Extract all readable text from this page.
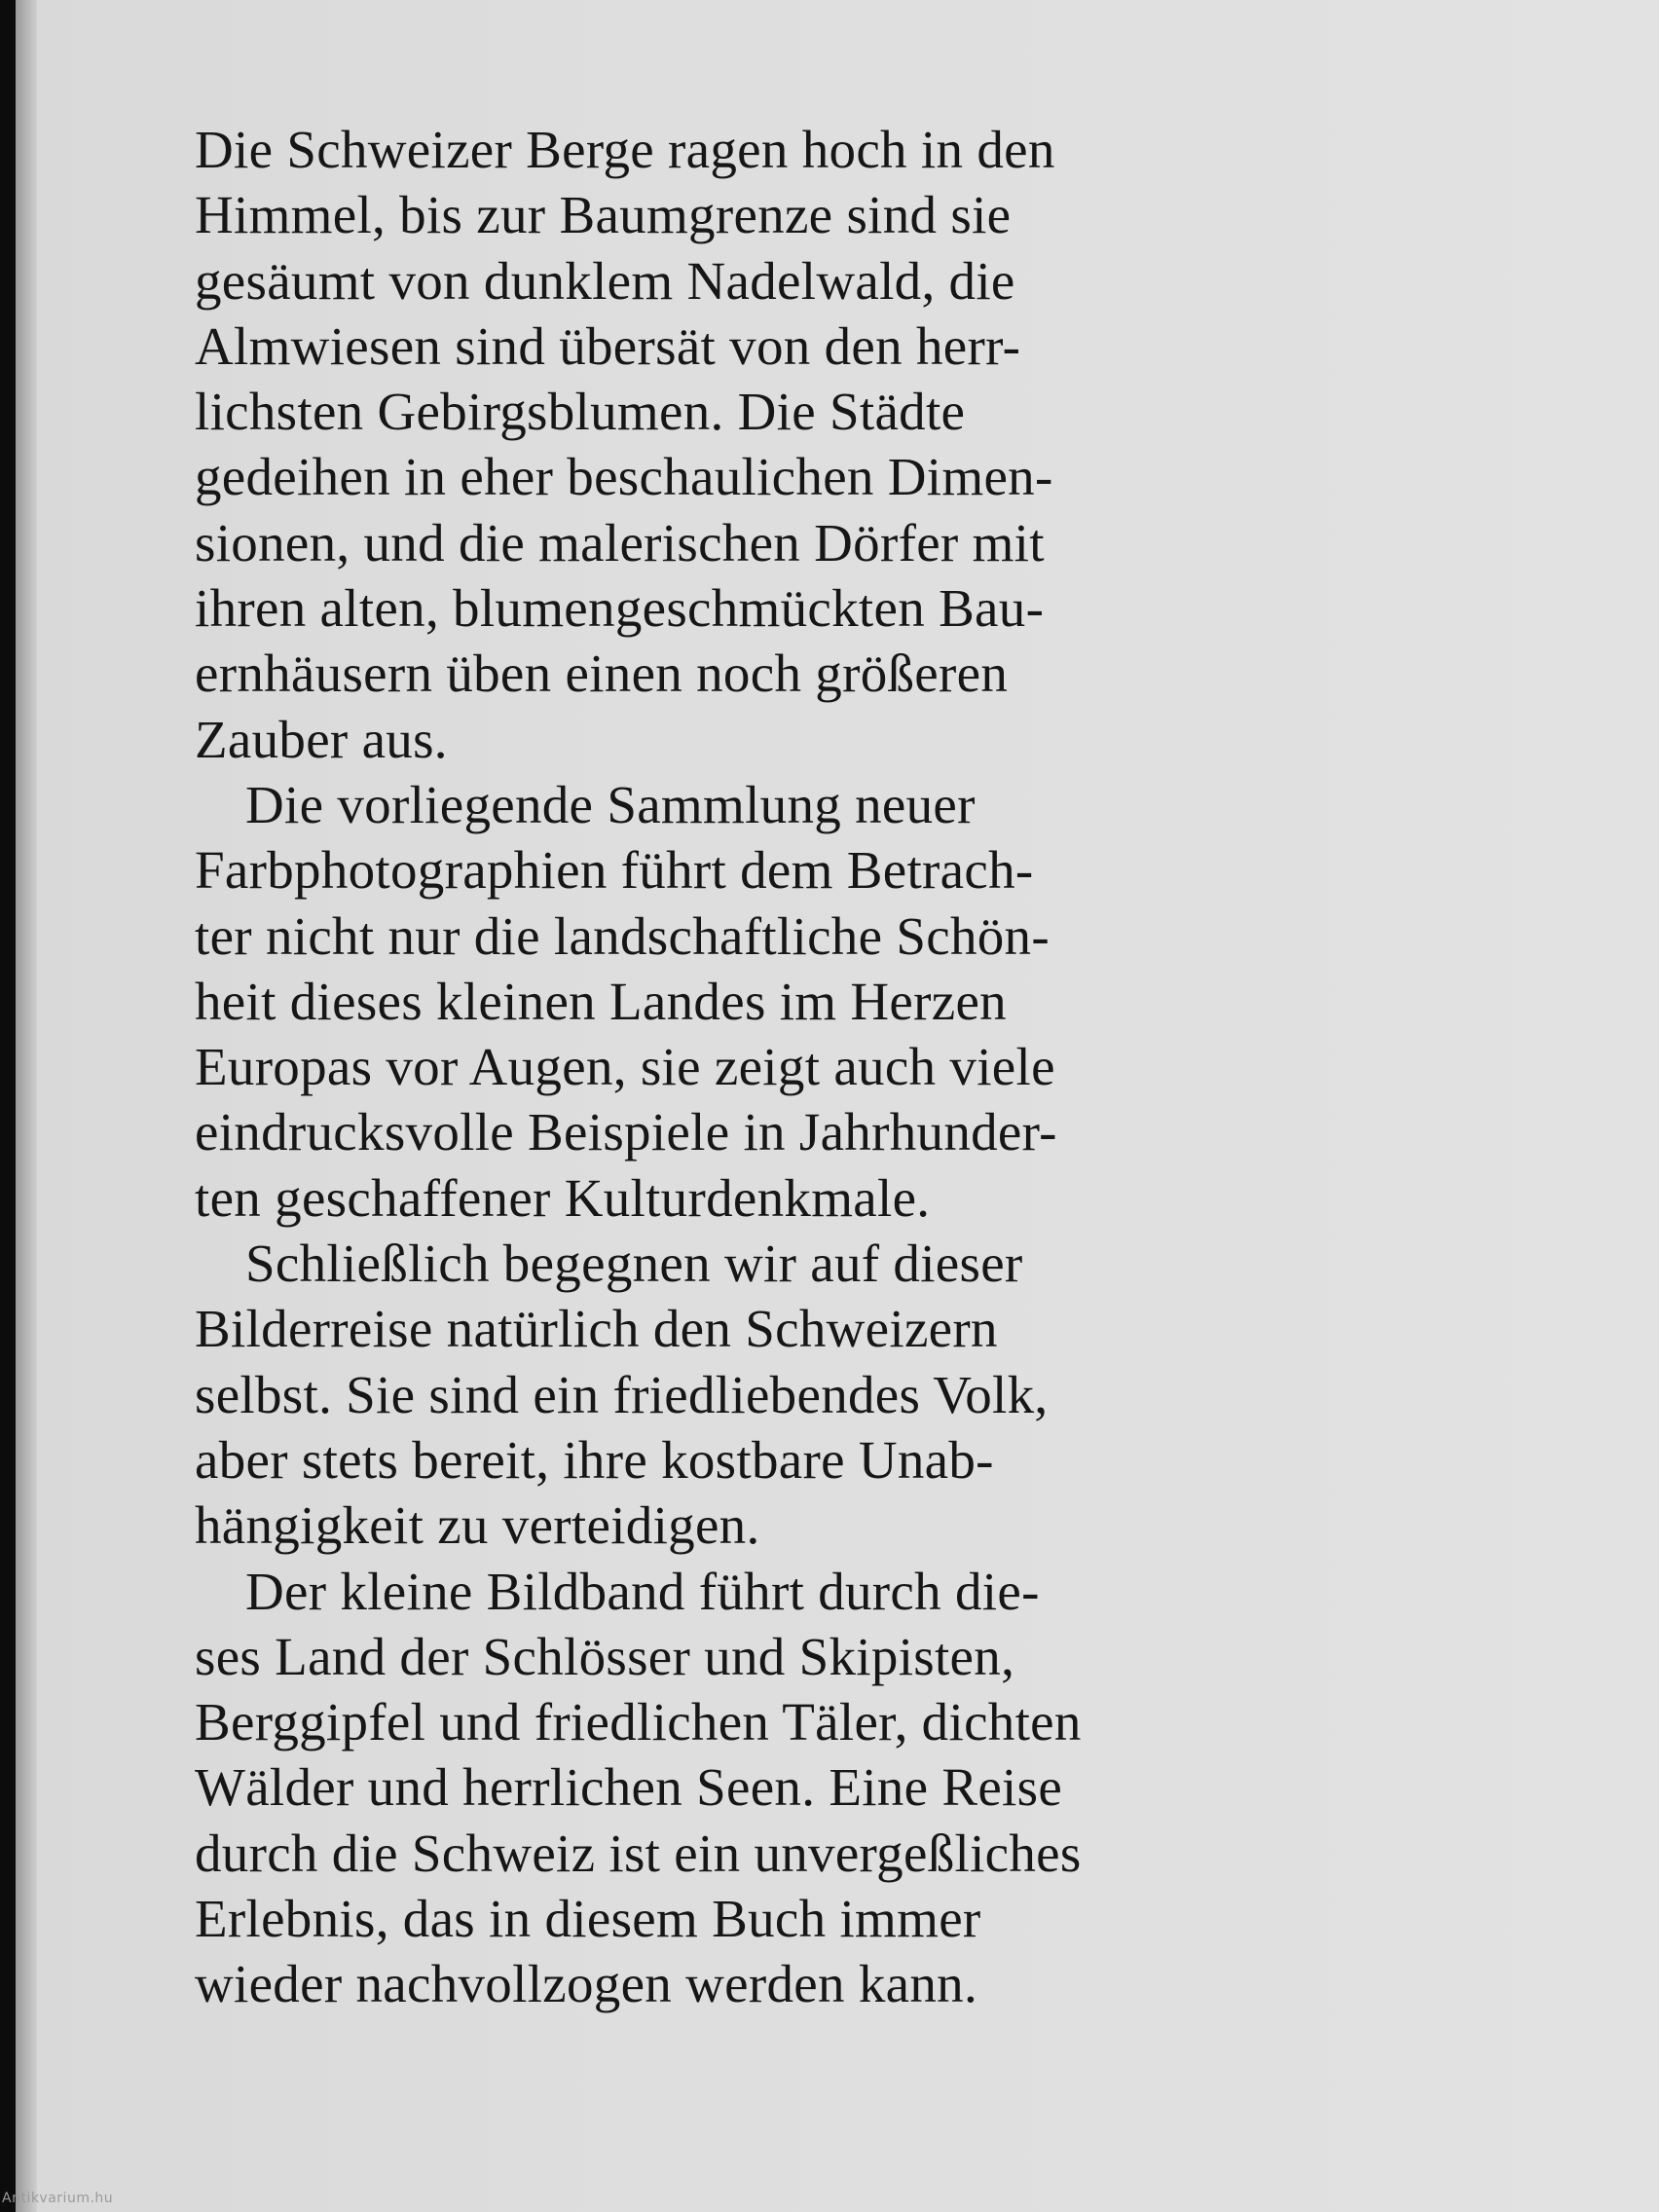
Die Schweizer Berge ragen hoch in den
Himmel, bis zur Baumgrenze sind sie
gesäumt von dunklem Nadelwald, die
Almwiesen sind übersät von den herr-
lichsten Gebirgsblumen. Die Städte
gedeihen in eher beschaulichen Dimen-
sionen, und die malerischen Dörfer mit
ihren alten, blumengeschmückten Bau-
ernhäusern üben einen noch größeren
Zauber aus.
Die vorliegende Sammlung neuer
Farbphotographien führt dem Betrach-
ter nicht nur die landschaftliche Schön-
heit dieses kleinen Landes im Herzen
Europas vor Augen, sie zeigt auch viele
eindrucksvolle Beispiele in Jahrhunder-
ten geschaffener Kulturdenkmale.
Schließlich begegnen wir auf dieser
Bilderreise natürlich den Schweizern
selbst. Sie sind ein friedliebendes Volk,
aber stets bereit, ihre kostbare Unab-
hängigkeit zu verteidigen.
Der kleine Bildband führt durch die-
ses Land der Schlösser und Skipisten,
Berggipfel und friedlichen Täler, dichten
Wälder und herrlichen Seen. Eine Reise
durch die Schweiz ist ein unvergeßliches
Erlebnis, das in diesem Buch immer
wieder nachvollzogen werden kann.
Antikvarium.hu
